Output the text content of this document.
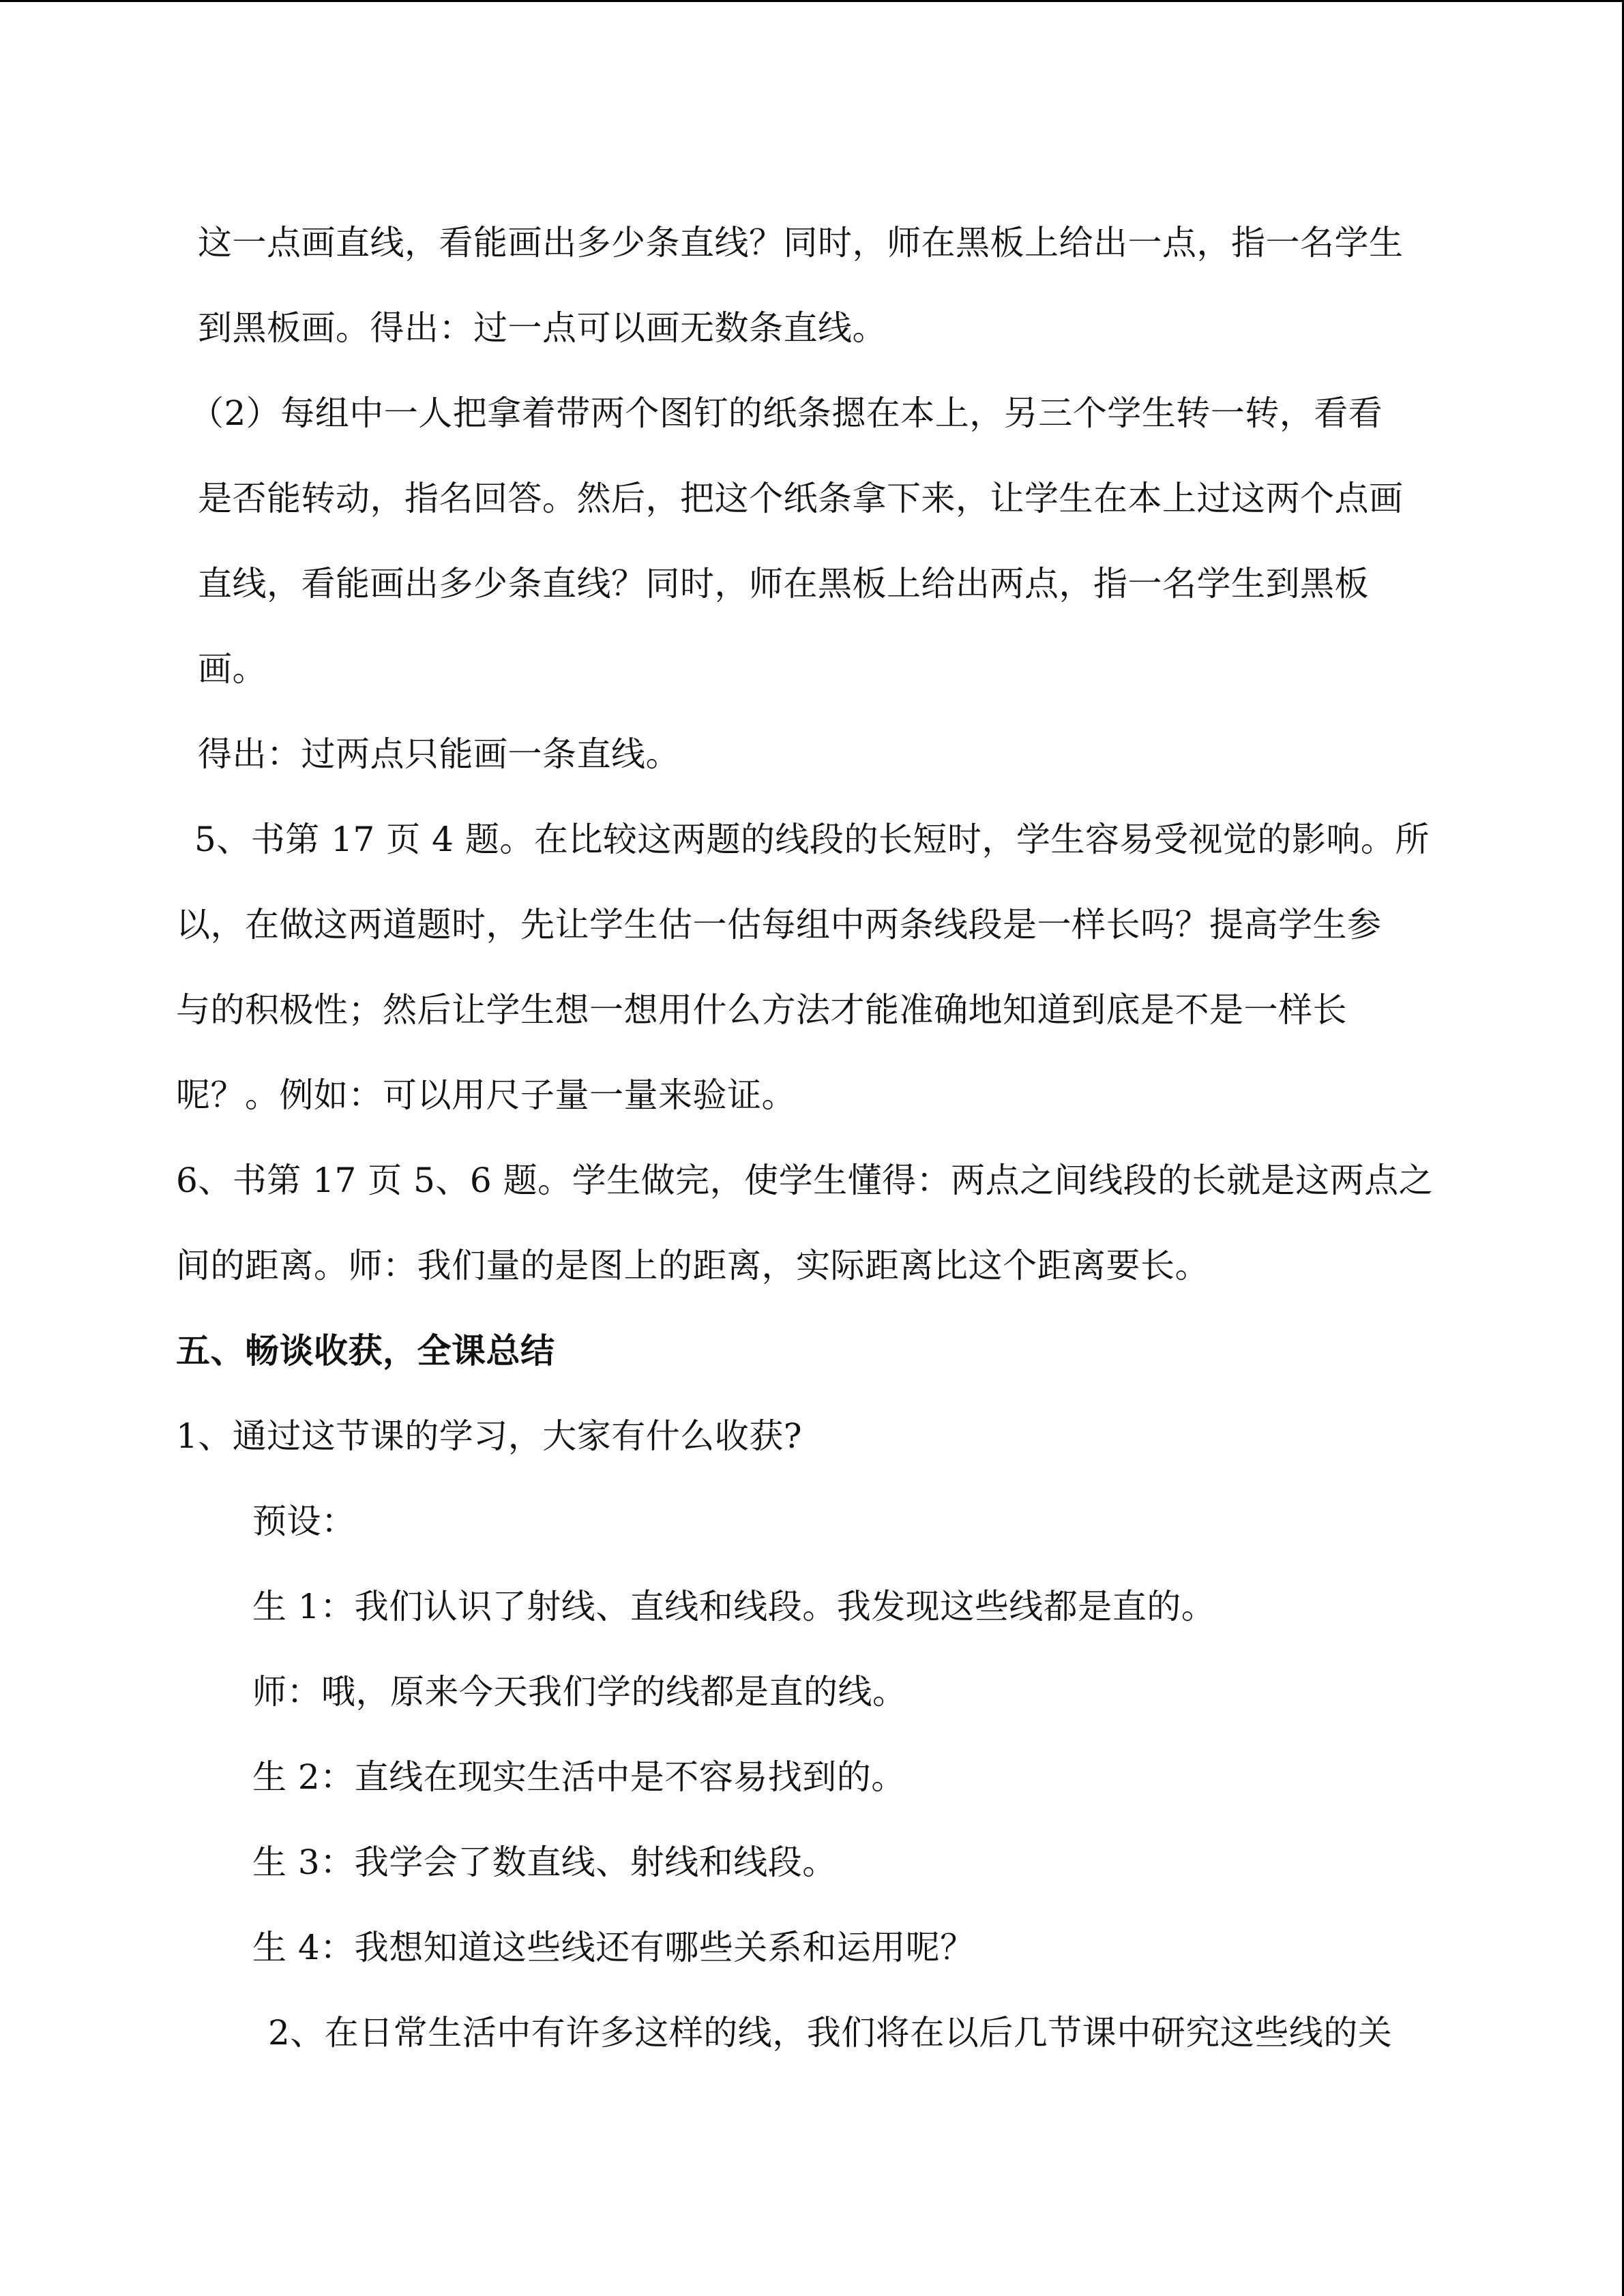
这一点画直线，看能画出多少条直线？同时，师在黑板上给出一点，指一名学生
到黑板画。得出：过一点可以画无数条直线。
（2）每组中一人把拿着带两个图钉的纸条摁在本上，另三个学生转一转，看看
是否能转动，指名回答。然后，把这个纸条拿下来，让学生在本上过这两个点画
直线，看能画出多少条直线？同时，师在黑板上给出两点，指一名学生到黑板
画。
得出：过两点只能画一条直线。
5、书第 17 页 4 题。在比较这两题的线段的长短时，学生容易受视觉的影响。所
以，在做这两道题时，先让学生估一估每组中两条线段是一样长吗？提高学生参
与的积极性；然后让学生想一想用什么方法才能准确地知道到底是不是一样长
呢？。例如：可以用尺子量一量来验证。
6、书第 17 页 5、6 题。学生做完，使学生懂得：两点之间线段的长就是这两点之
间的距离。师：我们量的是图上的距离，实际距离比这个距离要长。
五、畅谈收获，全课总结
1、通过这节课的学习，大家有什么收获?
预设：
生 1：我们认识了射线、直线和线段。我发现这些线都是直的。
师：哦，原来今天我们学的线都是直的线。
生 2：直线在现实生活中是不容易找到的。
生 3：我学会了数直线、射线和线段。
生 4：我想知道这些线还有哪些关系和运用呢？
2、在日常生活中有许多这样的线，我们将在以后几节课中研究这些线的关
